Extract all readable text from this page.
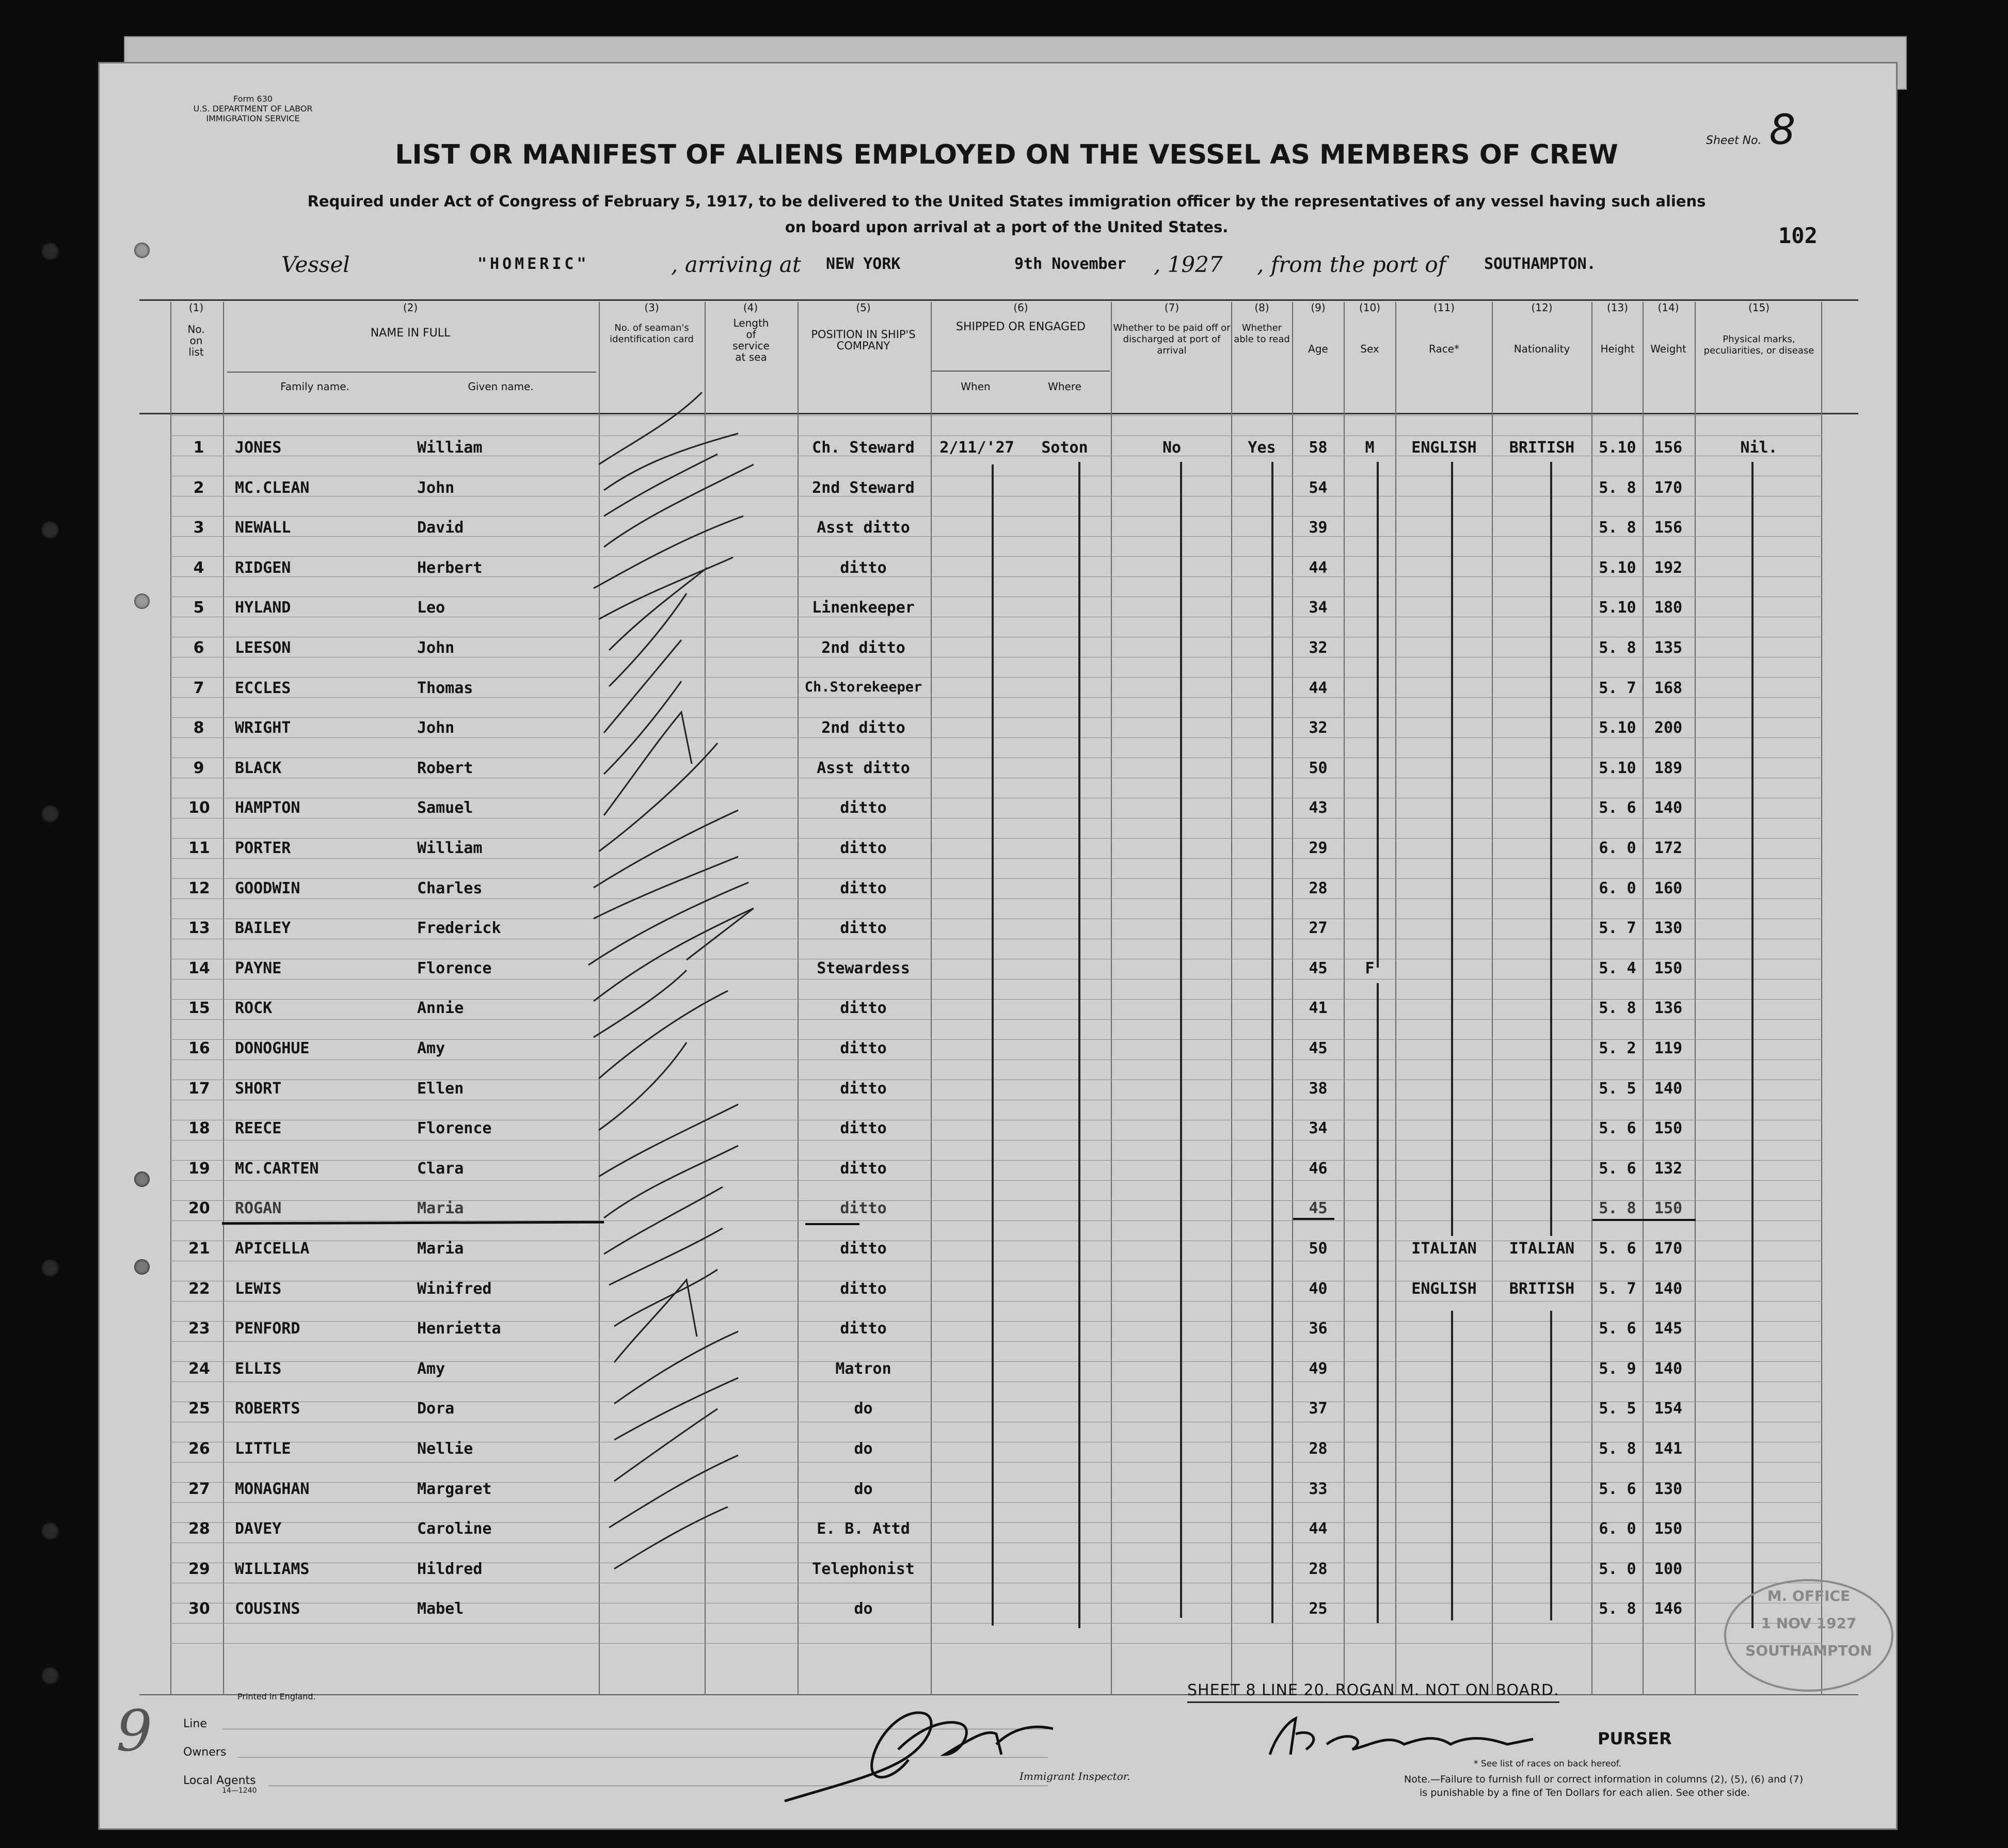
Form 630
U.S. DEPARTMENT OF LABOR
IMMIGRATION SERVICE
Sheet No. 8
LIST OR MANIFEST OF ALIENS EMPLOYED ON THE VESSEL AS MEMBERS OF CREW
Required under Act of Congress of February 5, 1917, to be delivered to the United States immigration officer by the representatives of any vessel having such aliens
on board upon arrival at a port of the United States.	102
Vessel	"HOMERIC"	, arriving at NEW YORK	9th November , 1927 , from the port of SOUTHAMPTON.
(1)
No. on list
(2)
NAME IN FULL
Family name.	Given name.
(3)
No. of seaman's identification card
(4)
Length of service at sea
(5)
POSITION IN SHIP'S COMPANY
(6)
SHIPPED OR ENGAGED
When	Where
(7)
Whether to be paid off or discharged at port of arrival
(8)
Whether able to read
(9)
Age
(10)
Sex
(11)
Race*
(12)
Nationality
(13)
Height
(14)
Weight
(15)
Physical marks, peculiarities, or disease
1	JONES	William	Ch. Steward	2/11/'27	Soton	No	Yes	58	M	ENGLISH	BRITISH	5.10	156	Nil.
2	MC.CLEAN	John	2nd Steward	54	5. 8	170
3	NEWALL	David	Asst ditto	39	5. 8	156
4	RIDGEN	Herbert	ditto	44	5.10	192
5	HYLAND	Leo	Linenkeeper	34	5.10	180
6	LEESON	John	2nd ditto	32	5. 8	135
7	ECCLES	Thomas	Ch.Storekeeper	44	5. 7	168
8	WRIGHT	John	2nd ditto	32	5.10	200
9	BLACK	Robert	Asst ditto	50	5.10	189
10 HAMPTON	Samuel	ditto	43	5. 6	140
11 PORTER	William	ditto	29	6. 0	172
12 GOODWIN	Charles	ditto	28	6. 0	160
13 BAILEY	Frederick	ditto	27	5. 7	130
14 PAYNE	Florence	Stewardess	45	F	5. 4	150
15 ROCK	Annie	ditto	41	5. 8	136
16 DONOGHUE	Amy	ditto	45	5. 2	119
17 SHORT	Ellen	ditto	38	5. 5	140
18 REECE	Florence	ditto	34	5. 6	150
19 MC.CARTEN	Clara	ditto	46	5. 6	132
20 ROGAN	Maria	ditto	45	5. 8	150
21 APICELLA	Maria	ditto	50	ITALIAN	ITALIAN	5. 6	170
22 LEWIS	Winifred	ditto	40	ENGLISH	BRITISH	5. 7	140
23 PENFORD	Henrietta	ditto	36	5. 6	145
24 ELLIS	Amy	Matron	49	5. 9	140
25 ROBERTS	Dora	do	37	5. 5	154
26 LITTLE	Nellie	do	28	5. 8	141
27 MONAGHAN	Margaret	do	33	5. 6	130
28 DAVEY	Caroline	E. B. Attd	44	6. 0	150
29 WILLIAMS	Hildred	Telephonist	28	5. 0	100
30 COUSINS	Mabel	do	25	5. 8	146
Printed in England.
9	Line
Owners
Local Agents
14—1240
Immigrant Inspector.
SHEET 8 LINE 20. ROGAN M. NOT ON BOARD.
PURSER
* See list of races on back hereof.
Note.—Failure to furnish full or correct information in columns (2), (5), (6) and (7)
is punishable by a fine of Ten Dollars for each alien. See other side.
M. OFFICE
1 NOV 1927
SOUTHAMPTON
